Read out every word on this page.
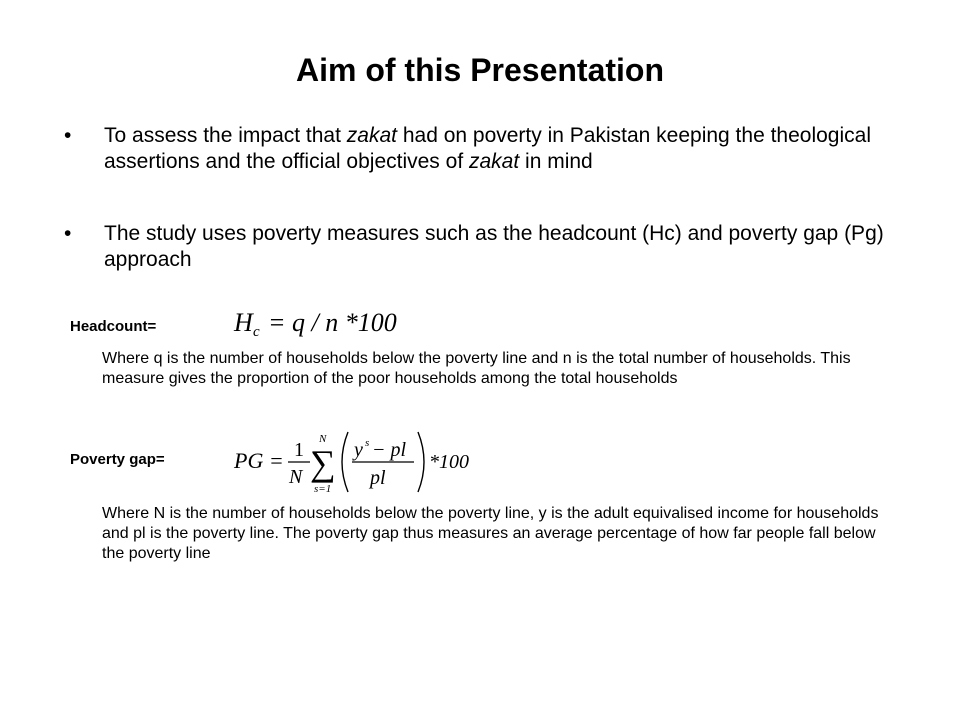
Aim of this Presentation
• To assess the impact that zakat had on poverty in Pakistan keeping the theological assertions and the official objectives of zakat in mind
• The study uses poverty measures such as the headcount (Hc) and poverty gap (Pg) approach
Headcount=	H c = q / n *100

Where q is the number of households below the poverty line and n is the total number of households. This measure gives the proportion of the poor households among the total households

Poverty gap=	PG = 1
N
N
∑
s=1
y s − pl
pl
*100

Where N is the number of households below the poverty line, y is the adult equivalised income for households and pl is the poverty line. The poverty gap thus measures an average percentage of how far people fall below the poverty line
